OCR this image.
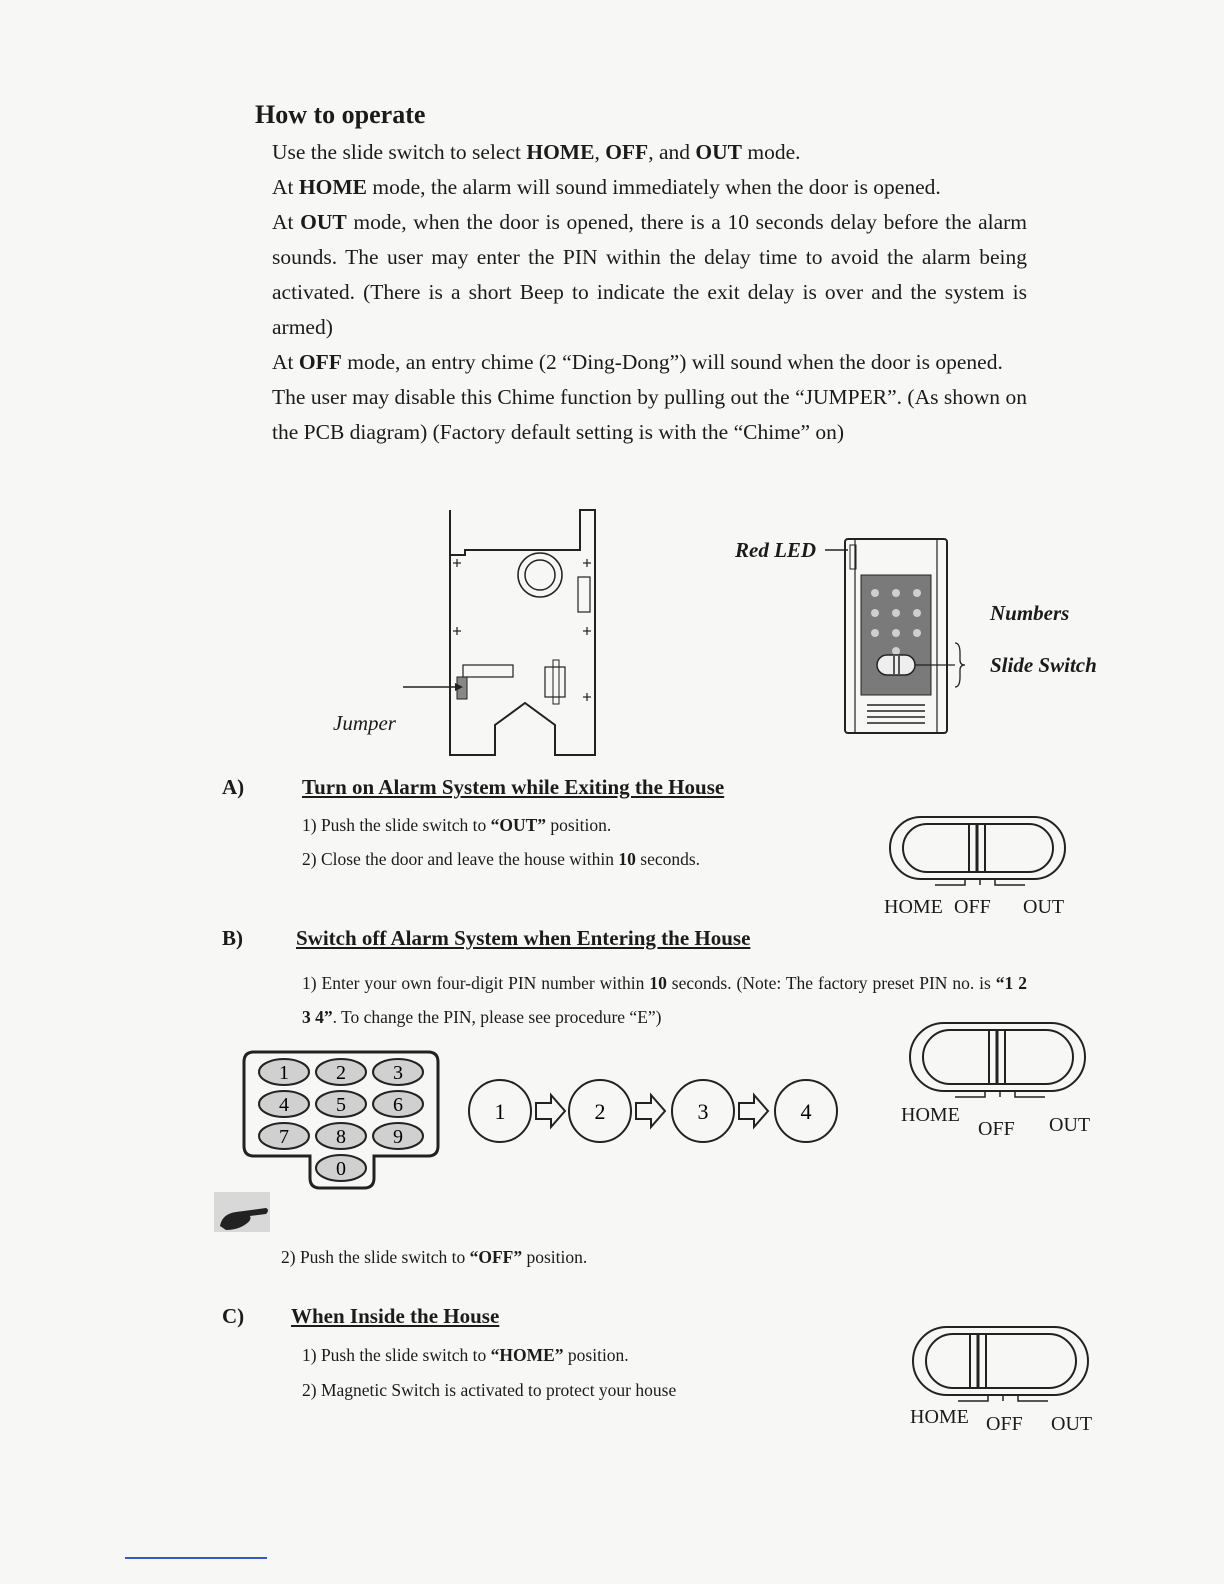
How to operate

Use the slide switch to select HOME, OFF, and OUT mode.

At HOME mode, the alarm will sound immediately when the door is opened.

At OUT mode, when the door is opened, there is a 10 seconds delay before the alarm sounds. The user may enter the PIN within the delay time to avoid the alarm being activated. (There is a short Beep to indicate the exit delay is over and the system is armed)

At OFF mode, an entry chime (2 “Ding-Dong”) will sound when the door is opened.

The user may disable this Chime function by pulling out the “JUMPER”. (As shown on the PCB diagram) (Factory default setting is with the “Chime” on)

Jumper
Red LED
Numbers
Slide Switch
A)	Turn on Alarm System while Exiting the House
1) Push the slide switch to “OUT” position.
2) Close the door and leave the house within 10 seconds.
HOME OFF OUT
B)	Switch off Alarm System when Entering the House
1) Enter your own four-digit PIN number within 10 seconds. (Note: The factory preset PIN no. is “1 2 3 4”. To change the PIN, please see procedure “E”)
1 2 3
4 5 6
7 8 9
0
1	2	3	4	HOME
OFF OUT
2) Push the slide switch to “OFF” position.
C) When Inside the House
1) Push the slide switch to “HOME” position.
2) Magnetic Switch is activated to protect your house
HOME OFF OUT
